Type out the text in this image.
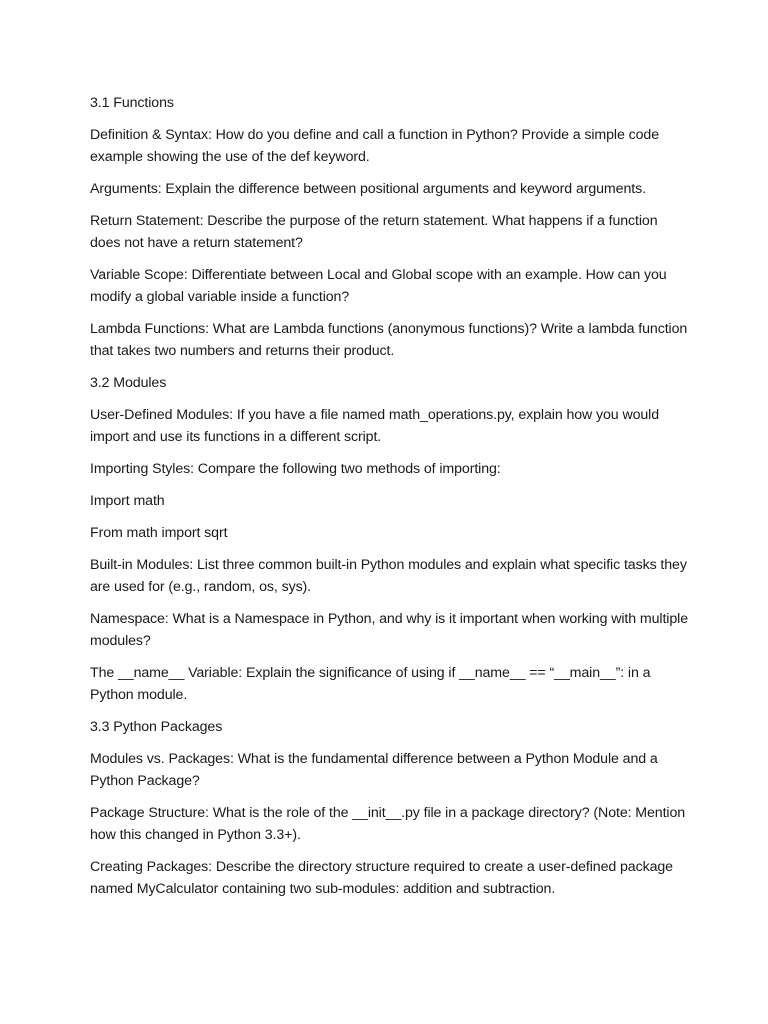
3.1 Functions

Definition & Syntax: How do you define and call a function in Python? Provide a simple code example showing the use of the def keyword.

Arguments: Explain the difference between positional arguments and keyword arguments.

Return Statement: Describe the purpose of the return statement. What happens if a function does not have a return statement?

Variable Scope: Differentiate between Local and Global scope with an example. How can you modify a global variable inside a function?

Lambda Functions: What are Lambda functions (anonymous functions)? Write a lambda function that takes two numbers and returns their product.

3.2 Modules

User-Defined Modules: If you have a file named math_operations.py, explain how you would import and use its functions in a different script.

Importing Styles: Compare the following two methods of importing:

Import math

From math import sqrt

Built-in Modules: List three common built-in Python modules and explain what specific tasks they are used for (e.g., random, os, sys).

Namespace: What is a Namespace in Python, and why is it important when working with multiple modules?

The __name__ Variable: Explain the significance of using if __name__ == “__main__”: in a Python module.

3.3 Python Packages

Modules vs. Packages: What is the fundamental difference between a Python Module and a Python Package?

Package Structure: What is the role of the __init__.py file in a package directory? (Note: Mention how this changed in Python 3.3+).

Creating Packages: Describe the directory structure required to create a user-defined package named MyCalculator containing two sub-modules: addition and subtraction.
